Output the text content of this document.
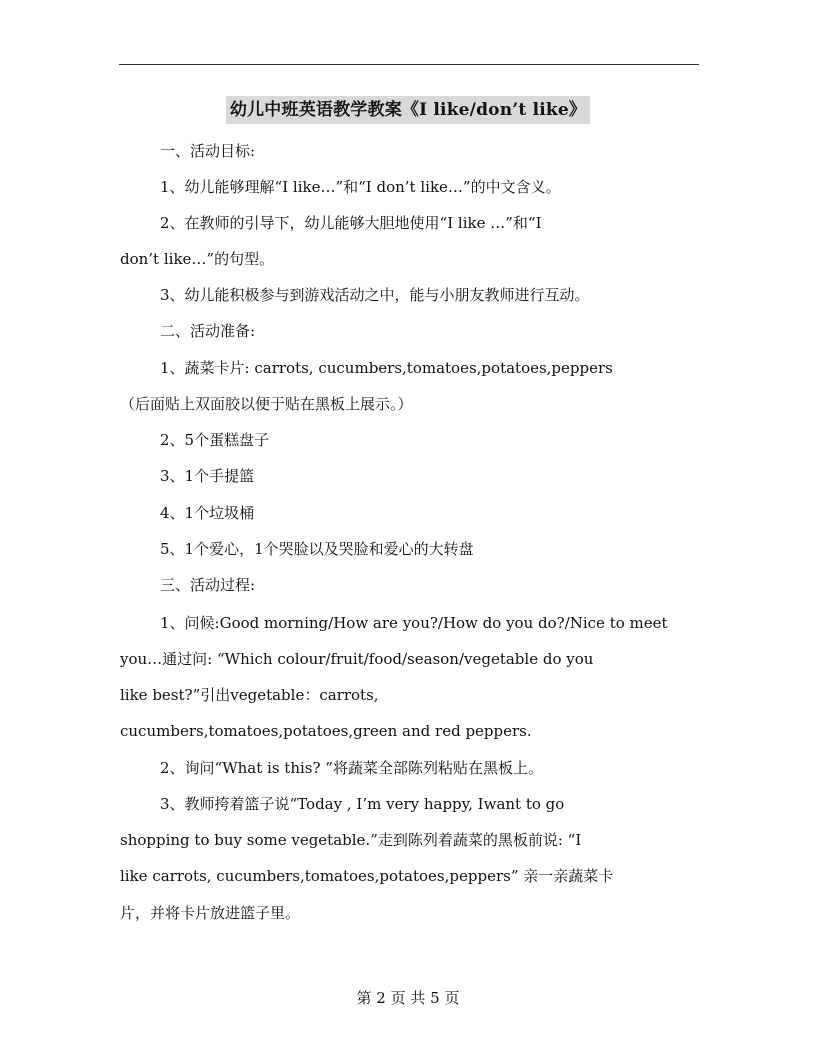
幼儿中班英语教学教案《I like/don’t like》
一、活动目标:
1、幼儿能够理解“I like…”和“I don’t like…”的中文含义。
2、在教师的引导下，幼儿能够大胆地使用“I like …”和“I
don’t like…”的句型。
3、幼儿能积极参与到游戏活动之中，能与小朋友教师进行互动。
二、活动准备:
1、蔬菜卡片: carrots, cucumbers,tomatoes,potatoes,peppers
（后面贴上双面胶以便于贴在黑板上展示。）
2、5个蛋糕盘子
3、1个手提篮
4、1个垃圾桶
5、1个爱心，1个哭脸以及哭脸和爱心的大转盘
三、活动过程:
1、问候:Good morning/How are you?/How do you do?/Nice to meet
you…通过问: “Which colour/fruit/food/season/vegetable do you
like best?”引出vegetable：carrots,
cucumbers,tomatoes,potatoes,green and red peppers.
2、询问“What is this? ”将蔬菜全部陈列粘贴在黑板上。
3、教师挎着篮子说“Today , I’m very happy, Iwant to go
shopping to buy some vegetable.”走到陈列着蔬菜的黑板前说: “I
like carrots, cucumbers,tomatoes,potatoes,peppers” 亲一亲蔬菜卡
片，并将卡片放进篮子里。
第 2 页 共 5 页
